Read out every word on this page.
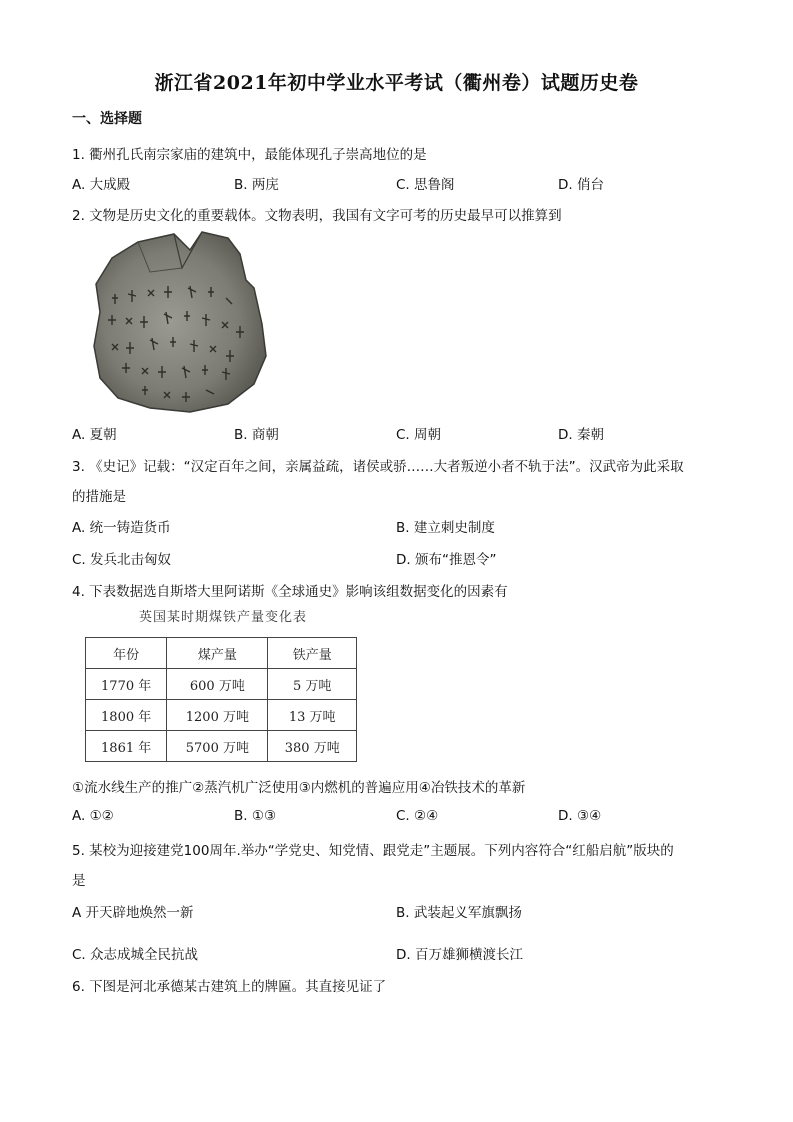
浙江省2021年初中学业水平考试（衢州卷）试题历史卷
一、选择题
1. 衢州孔氏南宗家庙的建筑中，最能体现孔子崇高地位的是
A. 大成殿	B. 两庑	C. 思鲁阁	D. 俏台
2. 文物是历史文化的重要载体。文物表明，我国有文字可考的历史最早可以推算到
A. 夏朝	B. 商朝	C. 周朝	D. 秦朝
3. 《史记》记载：“汉定百年之间，亲属益疏，诸侯或骄……大者叛逆小者不轨于法”。汉武帝为此采取
的措施是
A. 统一铸造货币	B. 建立刺史制度
C. 发兵北击匈奴	D. 颁布“推恩令”
4. 下表数据选自斯塔大里阿诺斯《全球通史》影响该组数据变化的因素有
英国某时期煤铁产量变化表
年份	煤产量	铁产量
1770 年	600 万吨	5 万吨
1800 年	1200 万吨	13 万吨
1861 年	5700 万吨	380 万吨
①流水线生产的推广②蒸汽机广泛使用③内燃机的普遍应用④冶铁技术的革新
A. ①②	B. ①③	C. ②④	D. ③④
5. 某校为迎接建党100周年.举办“学党史、知党情、跟党走”主题展。下列内容符合“红船启航”版块的
是
A 开天辟地焕然一新	B. 武装起义军旗飘扬
C. 众志成城全民抗战	D. 百万雄狮横渡长江
6. 下图是河北承德某古建筑上的牌匾。其直接见证了
